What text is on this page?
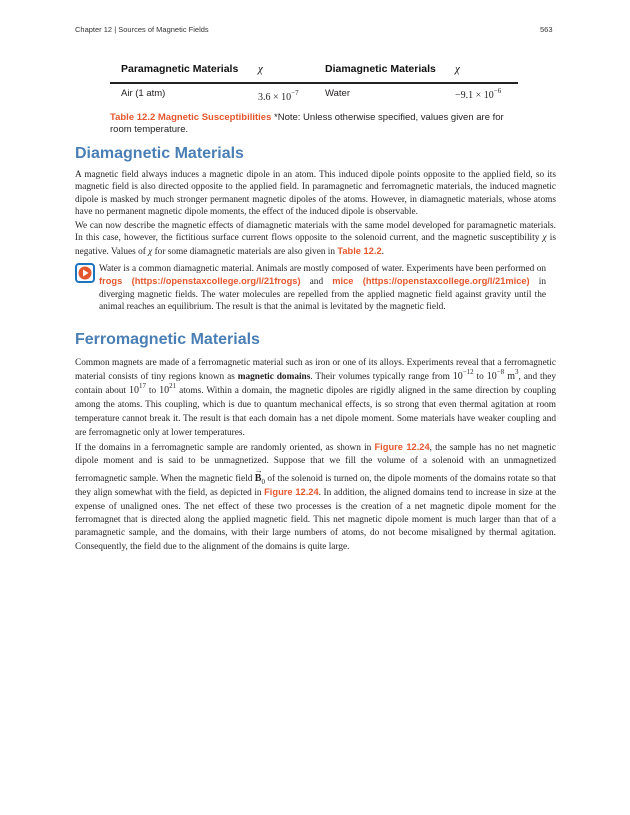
Chapter 12 | Sources of Magnetic Fields	563
Paramagnetic Materials χ	Diamagnetic Materials χ
Air (1 atm)	$3.6 \times 10^{-7}$	Water	$-9.1 \times 10^{-6}$
Table 12.2 Magnetic Susceptibilities *Note: Unless otherwise specified, values given are for room temperature.
Diamagnetic Materials
A magnetic field always induces a magnetic dipole in an atom. This induced dipole points opposite to the applied field, so its magnetic field is also directed opposite to the applied field. In paramagnetic and ferromagnetic materials, the induced magnetic dipole is masked by much stronger permanent magnetic dipoles of the atoms. However, in diamagnetic materials, whose atoms have no permanent magnetic dipole moments, the effect of the induced dipole is observable.
We can now describe the magnetic effects of diamagnetic materials with the same model developed for paramagnetic materials. In this case, however, the fictitious surface current flows opposite to the solenoid current, and the magnetic susceptibility χ is negative. Values of χ for some diamagnetic materials are also given in Table 12.2.
Water is a common diamagnetic material. Animals are mostly composed of water. Experiments have been performed on frogs (https://openstaxcollege.org/l/21frogs) and mice (https://openstaxcollege.org/l/21mice) in diverging magnetic fields. The water molecules are repelled from the applied magnetic field against gravity until the animal reaches an equilibrium. The result is that the animal is levitated by the magnetic field.
Ferromagnetic Materials
Common magnets are made of a ferromagnetic material such as iron or one of its alloys. Experiments reveal that a ferromagnetic material consists of tiny regions known as magnetic domains. Their volumes typically range from $10^{-12}$ to $10^{-8}$ $m^3$, and they contain about $10^{17}$ to $10^{21}$ atoms. Within a domain, the magnetic dipoles are rigidly aligned in the same direction by coupling among the atoms. This coupling, which is due to quantum mechanical effects, is so strong that even thermal agitation at room temperature cannot break it. The result is that each domain has a net dipole moment. Some materials have weaker coupling and are ferromagnetic only at lower temperatures.
If the domains in a ferromagnetic sample are randomly oriented, as shown in Figure 12.24, the sample has no net magnetic dipole moment and is said to be unmagnetized. Suppose that we fill the volume of a solenoid with an unmagnetized ferromagnetic sample. When the magnetic field
→
$B_0$ of the solenoid is turned on, the dipole moments of the domains rotate so that they align somewhat with the field, as depicted in Figure 12.24. In addition, the aligned domains tend to increase in size at the expense of unaligned ones. The net effect of these two processes is the creation of a net magnetic dipole moment for the ferromagnet that is directed along the applied magnetic field. This net magnetic dipole moment is much larger than that of a paramagnetic sample, and the domains, with their large numbers of atoms, do not become misaligned by thermal agitation. Consequently, the field due to the alignment of the domains is quite large.
